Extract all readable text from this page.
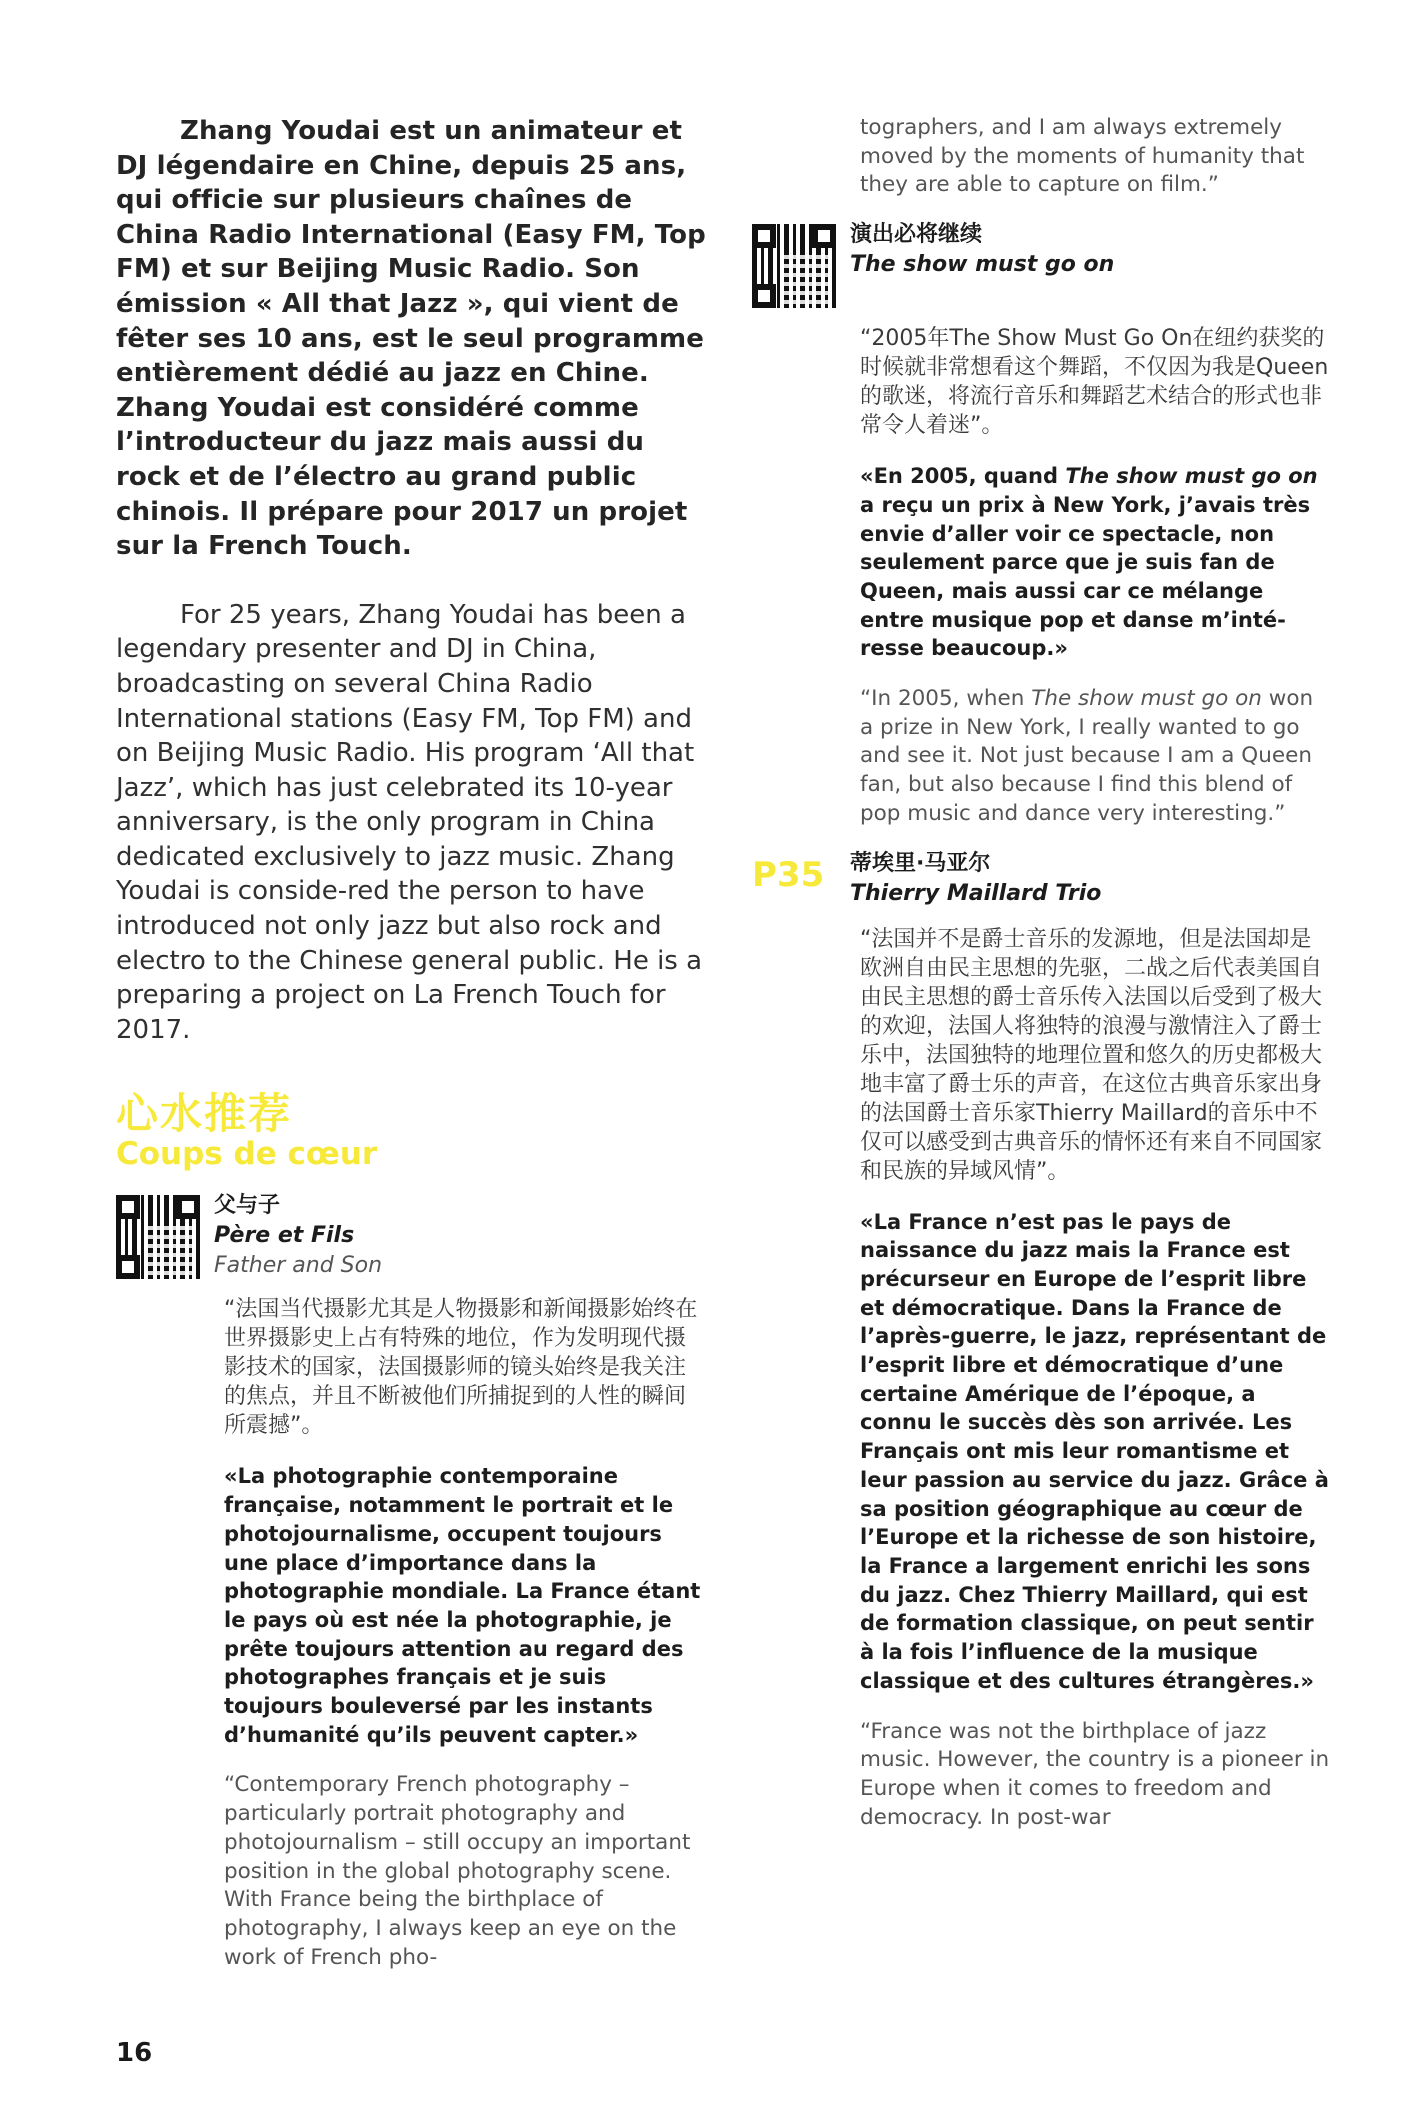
Zhang Youdai est un animateur et DJ légendaire en Chine, depuis 25 ans, qui officie sur plusieurs chaînes de China Radio International (Easy FM, Top FM) et sur Beijing Music Radio. Son émission « All that Jazz », qui vient de fêter ses 10 ans, est le seul programme entièrement dédié au jazz en Chine. Zhang Youdai est considéré comme l’introducteur du jazz mais aussi du rock et de l’électro au grand public chinois. Il prépare pour 2017 un projet sur la French Touch.

For 25 years, Zhang Youdai has been a legendary presenter and DJ in China, broadcasting on several China Radio International stations (Easy FM, Top FM) and on Beijing Music Radio. His program ‘All that Jazz’, which has just celebrated its 10-year anniversary, is the only program in China dedicated exclusively to jazz music. Zhang Youdai is conside-red the person to have introduced not only jazz but also rock and electro to the Chinese general public. He is a preparing a project on La French Touch for 2017.

心水推荐
Coups de cœur
父与子
Père et Fils
Father and Son

“法国当代摄影尤其是人物摄影和新闻摄影始终在世界摄影史上占有特殊的地位，作为发明现代摄影技术的国家，法国摄影师的镜头始终是我关注的焦点，并且不断被他们所捕捉到的人性的瞬间所震撼”。

«La photographie contemporaine française, notamment le portrait et le photojournalisme, occupent toujours une place d’importance dans la photographie mondiale. La France étant le pays où est née la photographie, je prête toujours attention au regard des photographes français et je suis toujours bouleversé par les instants d’humanité qu’ils peuvent capter.»

“Contemporary French photography – particularly portrait photography and photojournalism – still occupy an important position in the global photography scene. With France being the birthplace of photography, I always keep an eye on the work of French pho-

tographers, and I am always extremely moved by the moments of humanity that they are able to capture on film.”

演出必将继续
The show must go on

“2005年The Show Must Go On在纽约获奖的时候就非常想看这个舞蹈，不仅因为我是Queen的歌迷，将流行音乐和舞蹈艺术结合的形式也非常令人着迷”。

«En 2005, quand The show must go on a reçu un prix à New York, j’avais très envie d’aller voir ce spectacle, non seulement parce que je suis fan de Queen, mais aussi car ce mélange entre musique pop et danse m’inté-resse beaucoup.»

“In 2005, when The show must go on won a prize in New York, I really wanted to go and see it. Not just because I am a Queen fan, but also because I find this blend of pop music and dance very interesting.”

P35	蒂埃里·马亚尔
Thierry Maillard Trio

“法国并不是爵士音乐的发源地，但是法国却是欧洲自由民主思想的先驱，二战之后代表美国自由民主思想的爵士音乐传入法国以后受到了极大的欢迎，法国人将独特的浪漫与激情注入了爵士乐中，法国独特的地理位置和悠久的历史都极大地丰富了爵士乐的声音，在这位古典音乐家出身的法国爵士音乐家Thierry Maillard的音乐中不仅可以感受到古典音乐的情怀还有来自不同国家和民族的异域风情”。

«La France n’est pas le pays de naissance du jazz mais la France est précurseur en Europe de l’esprit libre et démocratique. Dans la France de l’après-guerre, le jazz, représentant de l’esprit libre et démocratique d’une certaine Amérique de l’époque, a connu le succès dès son arrivée. Les Français ont mis leur romantisme et leur passion au service du jazz. Grâce à sa position géographique au cœur de l’Europe et la richesse de son histoire, la France a largement enrichi les sons du jazz. Chez Thierry Maillard, qui est de formation classique, on peut sentir à la fois l’influence de la musique classique et des cultures étrangères.»

“France was not the birthplace of jazz music. However, the country is a pioneer in Europe when it comes to freedom and democracy. In post-war

16
